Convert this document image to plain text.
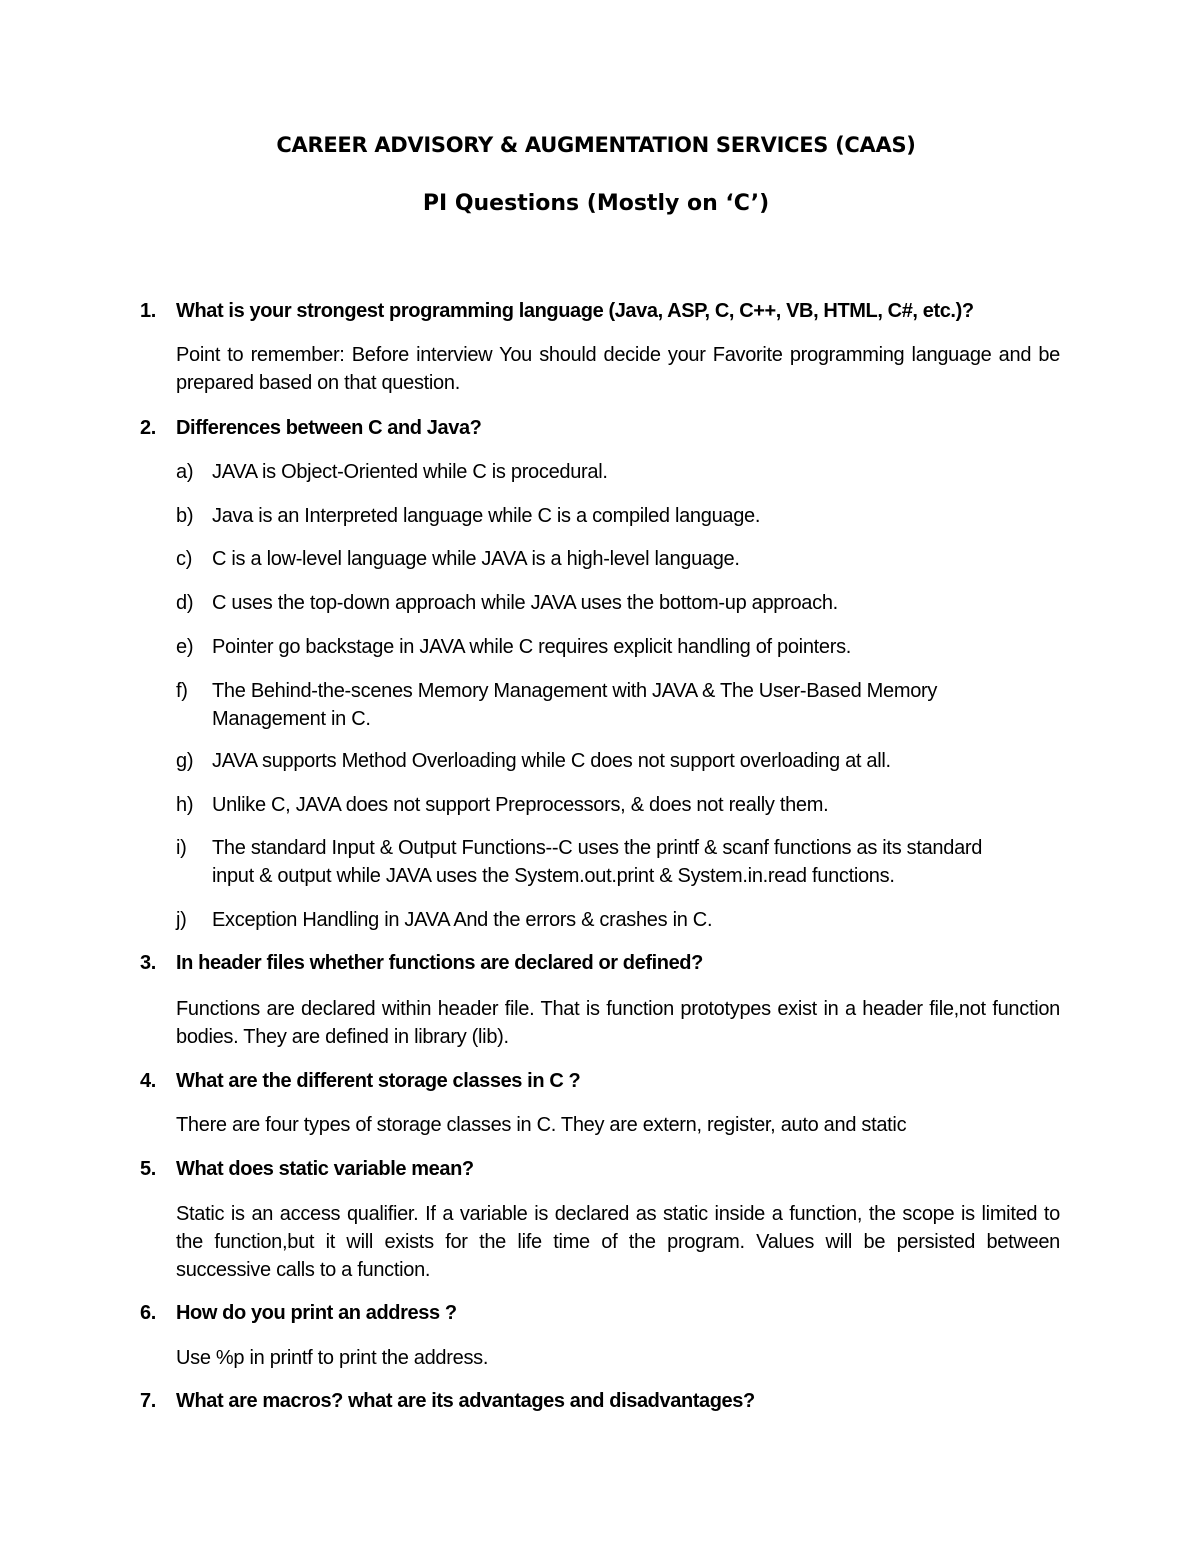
CAREER ADVISORY & AUGMENTATION SERVICES (CAAS)
PI Questions (Mostly on ‘C’)
1. What is your strongest programming language (Java, ASP, C, C++, VB, HTML, C#, etc.)?

Point to remember: Before interview You should decide your Favorite programming language and be prepared based on that question.

2. Differences between C and Java?
a) JAVA is Object-Oriented while C is procedural.
b) Java is an Interpreted language while C is a compiled language.
c) C is a low-level language while JAVA is a high-level language.
d) C uses the top-down approach while JAVA uses the bottom-up approach.
e) Pointer go backstage in JAVA while C requires explicit handling of pointers.
f)	The Behind-the-scenes Memory Management with JAVA & The User-Based Memory Management in C.
g) JAVA supports Method Overloading while C does not support overloading at all.
h) Unlike C, JAVA does not support Preprocessors, & does not really them.
i)	The standard Input & Output Functions--C uses the printf & scanf functions as its standard input & output while JAVA uses the System.out.print & System.in.read functions.
j)	Exception Handling in JAVA And the errors & crashes in C.
3. In header files whether functions are declared or defined?

Functions are declared within header file. That is function prototypes exist in a header file,not function bodies. They are defined in library (lib).

4. What are the different storage classes in C ?

There are four types of storage classes in C. They are extern, register, auto and static

5. What does static variable mean?

Static is an access qualifier. If a variable is declared as static inside a function, the scope is limited to the function,but it will exists for the life time of the program. Values will be persisted between successive calls to a function.

6. How do you print an address ?

Use %p in printf to print the address.

7. What are macros? what are its advantages and disadvantages?
